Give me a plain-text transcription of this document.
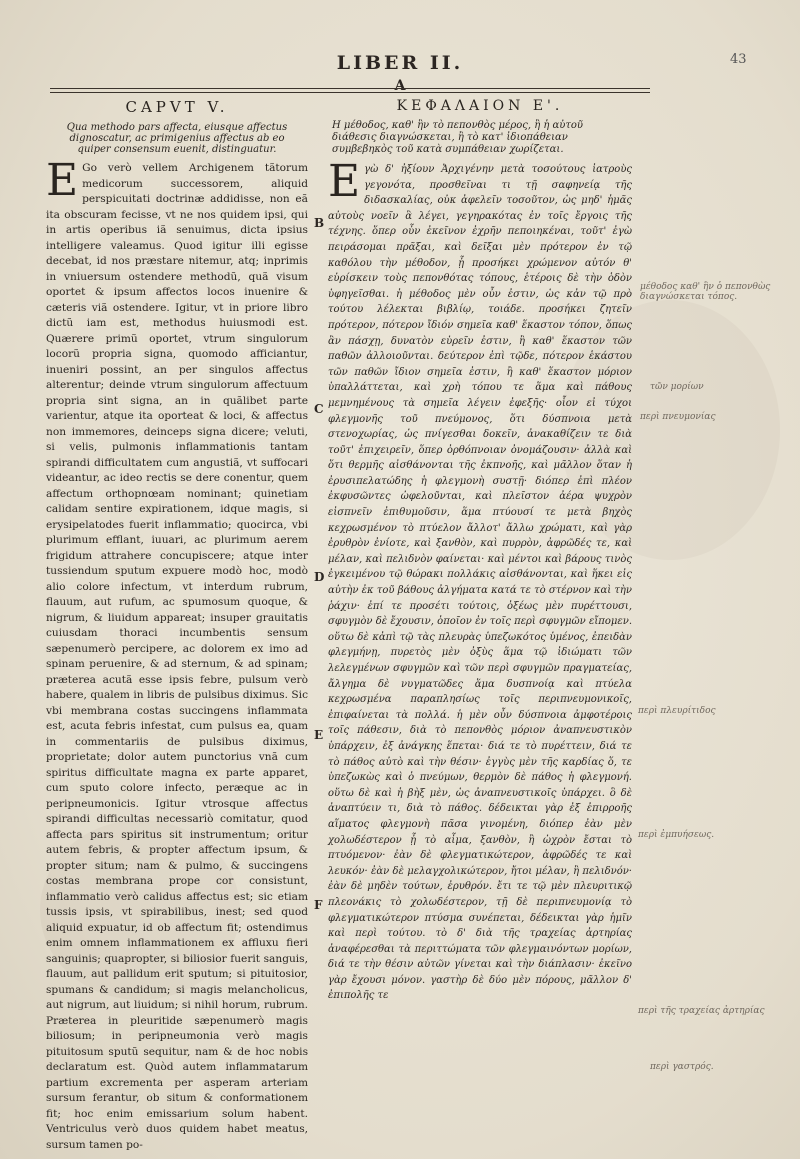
LIBER II.	43
A
CAPVT V.
Qua methodo pars affecta, eiusque affectus dignoscatur, ac primigenius affectus ab eo quiper consensum euenit, distinguatur.

E Go verò vellem Archigenem tãtorum medicorum successorem, aliquid perspicuitati doctrinæ addidisse, non eã ita obscuram fecisse, vt ne nos quidem ipsi, qui in artis operibus iã senuimus, dicta ipsius intelligere valeamus. Quod igitur illi egisse decebat, id nos præstare nitemur, atq; inprimis in vniuersum ostendere methodũ, quã visum oportet & ipsum affectos locos inuenire & cæteris viã ostendere. Igitur, vt in priore libro dictũ iam est, methodus huiusmodi est. Quærere primũ oportet, vtrum singulorum locorũ propria signa, quomodo afficiantur, inueniri possint, an per singulos affectus alterentur; deinde vtrum singulorum affectuum propria sint signa, an in quãlibet parte varientur, atque ita oporteat & loci, & affectus non immemores, deinceps signa dicere; veluti, si velis, pulmonis inflammationis tantam spirandi difficultatem cum angustiã, vt suffocari videantur, ac ideo rectis se dere conentur, quem affectum orthopnœam nominant; quinetiam calidam sentire expirationem, idque magis, si erysipelatodes fuerit inflammatio; quocirca, vbi plurimum efflant, iuuari, ac plurimum aerem frigidum attrahere concupiscere; atque inter tussiendum sputum expuere modò hoc, modò alio colore infectum, vt interdum rubrum, flauum, aut rufum, ac spumosum quoque, & nigrum, & liuidum appareat; insuper grauitatis cuiusdam thoraci incumbentis sensum sæpenumerò percipere, ac dolorem ex imo ad spinam peruenire, & ad sternum, & ad spinam; præterea acutã esse ipsis febre, pulsum verò habere, qualem in libris de pulsibus diximus. Sic vbi membrana costas succingens inflammata est, acuta febris infestat, cum pulsus ea, quam in commentariis de pulsibus diximus, proprietate; dolor autem punctorius vnã cum spiritus difficultate magna ex parte apparet, cum sputo colore infecto, peræque ac in peripneumonicis. Igitur vtrosque affectus spirandi difficultas necessariò comitatur, quod affecta pars spiritus sit instrumentum; oritur autem febris, & propter affectum ipsum, & propter situm; nam & pulmo, & succingens costas membrana prope cor consistunt, inflammatio verò calidus affectus est; sic etiam tussis ipsis, vt spirabilibus, inest; sed quod aliquid expuatur, id ob affectum fit; ostendimus enim omnem inflammationem ex affluxu fieri sanguinis; quapropter, si biliosior fuerit sanguis, flauum, aut pallidum erit sputum; si pituitosior, spumans & candidum; si magis melancholicus, aut nigrum, aut liuidum; si nihil horum, rubrum. Præterea in pleuritide sæpenumerò magis biliosum; in peripneumonia verò magis pituitosum sputũ sequitur, nam & de hoc nobis declaratum est. Quòd autem inflammatarum partium excrementa per asperam arteriam sursum ferantur, ob situm & conformationem fit; hoc enim emissarium solum habent. Ventriculus verò duos quidem habet meatus, sursum tamen po-

B
C
D
E
F
ΚΕΦΑΛΑΙΟΝ Ε'.
Η μέθοδος, καθ' ἣν τὸ πεπονθὸς μέρος, ἢ ἡ αὐτοῦ διάθεσις διαγνώσκεται, ἢ τὸ κατ' ἰδιοπάθειαν συμβεβηκὸς τοῦ κατὰ συμπάθειαν χωρίζεται.

Εγὼ δ' ἠξίουν Ἀρχιγένην μετὰ τοσούτους ἰατροὺς γεγονότα, προσθεῖναι τι τῇ σαφηνείᾳ τῆς διδασκαλίας, οὐκ ἀφελεῖν τοσοῦτον, ὡς μηδ' ἡμᾶς αὐτοὺς νοεῖν ἃ λέγει, γεγηρακότας ἐν τοῖς ἔργοις τῆς τέχνης. ὅπερ οὖν ἐκεῖνον ἐχρῆν πεποιηκέναι, τοῦτ' ἐγὼ πειράσομαι πρᾶξαι, καὶ δεῖξαι μὲν πρότερον ἐν τῷ καθόλου τὴν μέθοδον, ᾗ προσήκει χρώμενον αὐτόν θ' εὑρίσκειν τοὺς πεπονθότας τόπους, ἑτέροις δὲ τὴν ὁδὸν ὑφηγεῖσθαι. ἡ μέθοδος μὲν οὖν ἐστιν, ὡς κἀν τῷ πρὸ τούτου λέλεκται βιβλίῳ, τοιάδε. προσήκει ζητεῖν πρότερον, πότερον ἴδιόν σημεῖα καθ' ἕκαστον τόπον, ὅπως ἂν πάσχῃ, δυνατὸν εὑρεῖν ἐστιν, ἢ καθ' ἕκαστον τῶν παθῶν ἀλλοιοῦνται. δεύτερον ἐπὶ τῷδε, πότερον ἑκάστου τῶν παθῶν ἴδιον σημεῖα ἐστιν, ἢ καθ' ἕκαστον μόριον ὑπαλλάττεται, καὶ χρὴ τόπου τε ἅμα καὶ πάθους μεμνημένους τὰ σημεῖα λέγειν ἐφεξῆς· οἷον εἰ τύχοι φλεγμονῆς τοῦ πνεύμονος, ὅτι δύσπνοια μετὰ στενοχωρίας, ὡς πνίγεσθαι δοκεῖν, ἀνακαθίζειν τε διὰ τοῦτ' ἐπιχειρεῖν, ὅπερ ὀρθόπνοιαν ὀνομάζουσιν· ἀλλὰ καὶ ὅτι θερμῆς αἰσθάνονται τῆς ἐκπνοῆς, καὶ μᾶλλον ὅταν ἡ ἐρυσιπελατώδης ἡ φλεγμονὴ συστῇ· διόπερ ἐπὶ πλέον ἐκφυσῶντες ὠφελοῦνται, καὶ πλεῖστον ἀέρα ψυχρὸν εἰσπνεῖν ἐπιθυμοῦσιν, ἅμα πτύουσί τε μετὰ βηχὸς κεχρωσμένον τὸ πτύελον ἄλλοτ' ἄλλω χρώματι, καὶ γὰρ ἐρυθρὸν ἐνίοτε, καὶ ξανθὸν, καὶ πυρρὸν, ἀφρῶδές τε, καὶ μέλαν, καὶ πελιδνὸν φαίνεται· καὶ μέντοι καὶ βάρους τινὸς ἐγκειμένου τῷ θώρακι πολλάκις αἰσθάνονται, καὶ ἥκει εἰς αὐτὴν ἐκ τοῦ βάθους ἀλγήματα κατά τε τὸ στέρνον καὶ τὴν ῥάχιν· ἐπί τε προσέτι τούτοις, ὀξέως μὲν πυρέττουσι, σφυγμὸν δὲ ἔχουσιν, ὁποῖον ἐν τοῖς περὶ σφυγμῶν εἴπομεν. οὕτω δὲ κἀπὶ τῷ τὰς πλευρὰς ὑπεζωκότος ὑμένος, ἐπειδὰν φλεγμήνῃ, πυρετὸς μὲν ὀξὺς ἅμα τῷ ἰδιώματι τῶν λελεγμένων σφυγμῶν καὶ τῶν περὶ σφυγμῶν πραγματείας, ἄλγημα δὲ νυγματῶδες ἅμα δυσπνοίᾳ καὶ πτύελα κεχρωσμένα παραπλησίως τοῖς περιπνευμονικοῖς, ἐπιφαίνεται τὰ πολλά. ἡ μὲν οὖν δύσπνοια ἀμφοτέροις τοῖς πάθεσιν, διὰ τὸ πεπονθὸς μόριον ἀναπνευστικὸν ὑπάρχειν, ἐξ ἀνάγκης ἕπεται· διά τε τὸ πυρέττειν, διά τε τὸ πάθος αὐτὸ καὶ τὴν θέσιν· ἐγγὺς μὲν τῆς καρδίας ὅ, τε ὑπεζωκὼς καὶ ὁ πνεύμων, θερμὸν δὲ πάθος ἡ φλεγμονή. οὕτω δὲ καὶ ἡ βὴξ μὲν, ὡς ἀναπνευστικοῖς ὑπάρχει. ὃ δὲ ἀναπτύειν τι, διὰ τὸ πάθος. δέδεικται γὰρ ἐξ ἐπιρροῆς αἵματος φλεγμονὴ πᾶσα γινομένη, διόπερ ἐὰν μὲν χολωδέστερον ᾖ τὸ αἷμα, ξανθὸν, ἢ ὠχρὸν ἔσται τὸ πτυόμενον· ἐὰν δὲ φλεγματικώτερον, ἀφρῶδές τε καὶ λευκόν· ἐὰν δὲ μελαγχολικώτερον, ἤτοι μέλαν, ἢ πελιδνόν· ἐὰν δὲ μηδὲν τούτων, ἐρυθρόν. ἔτι τε τῷ μὲν πλευριτικῷ πλεονάκις τὸ χολωδέστερον, τῇ δὲ περιπνευμονίᾳ τὸ φλεγματικώτερον πτύσμα συνέπεται, δέδεικται γὰρ ἡμῖν καὶ περὶ τούτου. τὸ δ' διὰ τῆς τραχείας ἀρτηρίας ἀναφέρεσθαι τὰ περιττώματα τῶν φλεγμαινόντων μορίων, διά τε τὴν θέσιν αὐτῶν γίνεται καὶ τὴν διάπλασιν· ἐκεῖνο γὰρ ἔχουσι μόνον. γαστὴρ δὲ δύο μὲν πόρους, μᾶλλον δ' ἐπιπολῆς τε

μέθοδος καθ' ἣν ὁ πεπονθὼς διαγνώσκεται τόπος.
τῶν μορίων
περὶ πνευμονίας
περὶ πλευρίτιδος
περὶ ἐμπυήσεως.
περὶ τῆς τραχείας ἀρτηρίας
περὶ γαστρός.
